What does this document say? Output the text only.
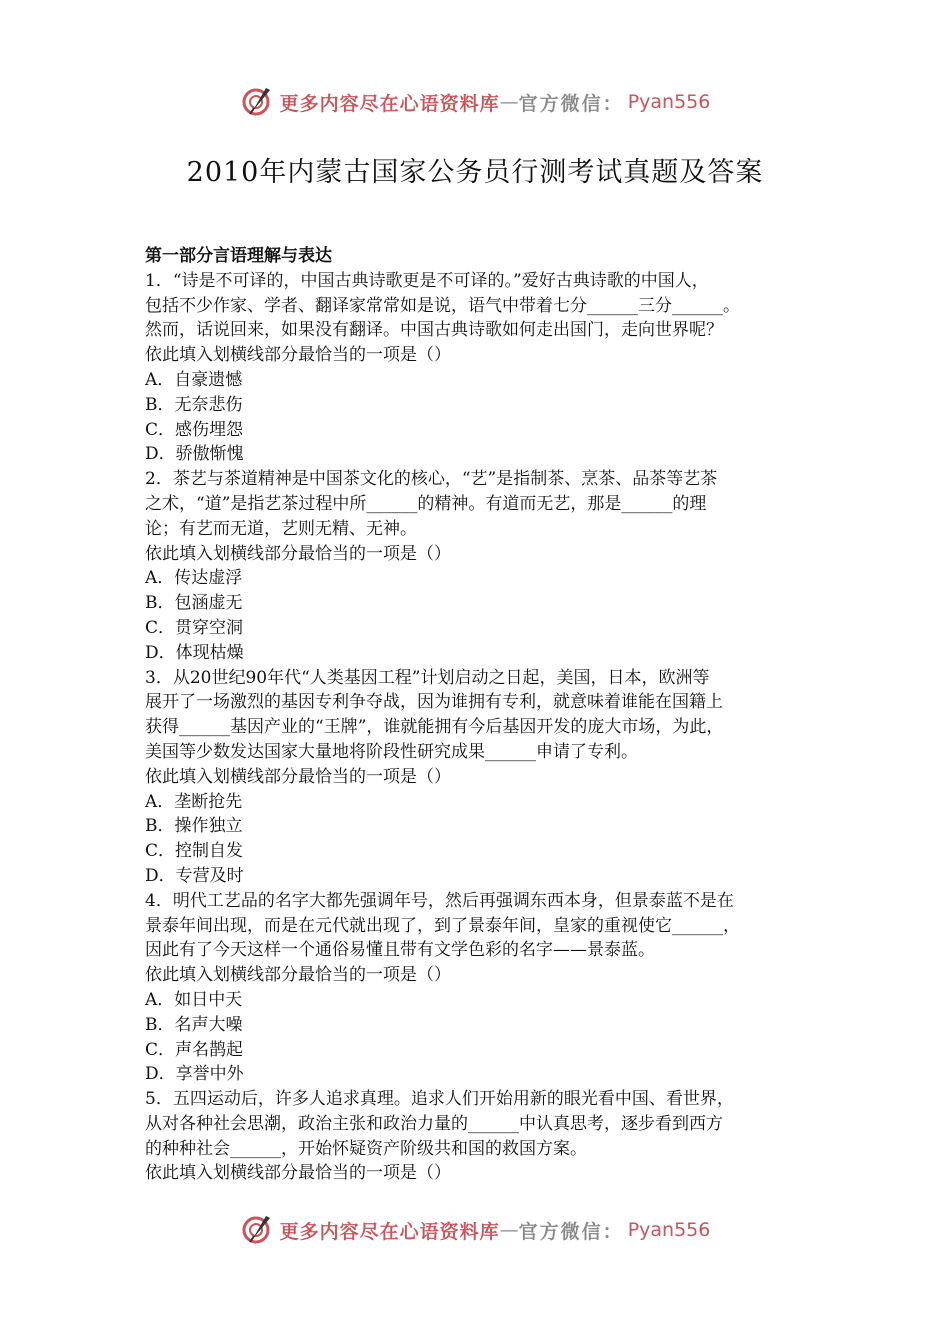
更多内容尽在心语资料库 — 官方微信： Pyan556
2010年内蒙古国家公务员行测考试真题及答案
第一部分言语理解与表达
1．“诗是不可译的，中国古典诗歌更是不可译的。”爱好古典诗歌的中国人，
包括不少作家、学者、翻译家常常如是说，语气中带着七分______三分______。
然而，话说回来，如果没有翻译。中国古典诗歌如何走出国门，走向世界呢？
依此填入划横线部分最恰当的一项是（）
A．自豪遗憾
B．无奈悲伤
C．感伤埋怨
D．骄傲惭愧
2．茶艺与茶道精神是中国茶文化的核心，“艺”是指制茶、烹茶、品茶等艺茶
之术，“道”是指艺茶过程中所______的精神。有道而无艺，那是______的理
论；有艺而无道，艺则无精、无神。
依此填入划横线部分最恰当的一项是（）
A．传达虚浮
B．包涵虚无
C．贯穿空洞
D．体现枯燥
3．从20世纪90年代“人类基因工程”计划启动之日起，美国，日本，欧洲等
展开了一场激烈的基因专利争夺战，因为谁拥有专利，就意味着谁能在国籍上
获得______基因产业的“王牌”，谁就能拥有今后基因开发的庞大市场，为此，
美国等少数发达国家大量地将阶段性研究成果______申请了专利。
依此填入划横线部分最恰当的一项是（）
A．垄断抢先
B．操作独立
C．控制自发
D．专营及时
4．明代工艺品的名字大都先强调年号，然后再强调东西本身，但景泰蓝不是在
景泰年间出现，而是在元代就出现了，到了景泰年间，皇家的重视使它______，
因此有了今天这样一个通俗易懂且带有文学色彩的名字——景泰蓝。
依此填入划横线部分最恰当的一项是（）
A．如日中天
B．名声大噪
C．声名鹊起
D．享誉中外
5．五四运动后，许多人追求真理。追求人们开始用新的眼光看中国、看世界，
从对各种社会思潮，政治主张和政治力量的______中认真思考，逐步看到西方
的种种社会______，开始怀疑资产阶级共和国的救国方案。
依此填入划横线部分最恰当的一项是（）
更多内容尽在心语资料库 — 官方微信： Pyan556
